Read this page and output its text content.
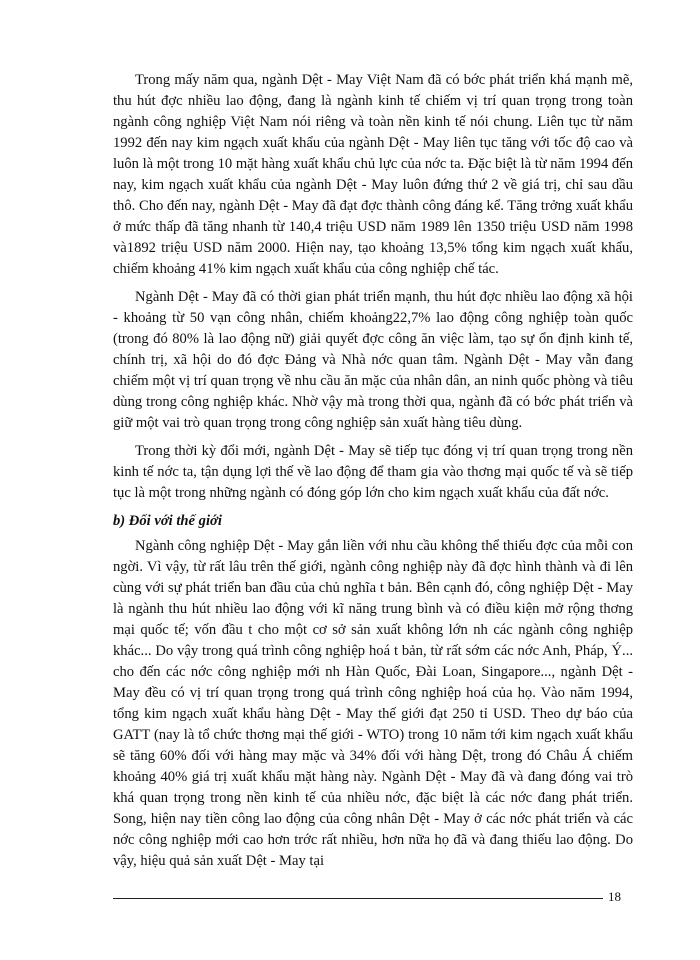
Trong mấy năm qua, ngành Dệt - May Việt Nam đã có bớc phát triển khá mạnh mẽ, thu hút đợc nhiều lao động, đang là ngành kinh tế chiếm vị trí quan trọng trong toàn ngành công nghiệp Việt Nam nói riêng và toàn nền kinh tế nói chung. Liên tục từ năm 1992 đến nay kim ngạch xuất khẩu của ngành Dệt - May liên tục tăng với tốc độ cao và luôn là một trong 10 mặt hàng xuất khẩu chủ lực của nớc ta. Đặc biệt là từ năm 1994 đến nay, kim ngạch xuất khẩu của ngành Dệt - May luôn đứng thứ 2 về giá trị, chỉ sau dầu thô. Cho đến nay, ngành Dệt - May đã đạt đợc thành công đáng kể. Tăng trởng xuất khẩu ở mức thấp đã tăng nhanh từ 140,4 triệu USD năm 1989 lên 1350 triệu USD năm 1998 và1892 triệu USD năm 2000. Hiện nay, tạo khoảng 13,5% tổng kim ngạch xuất khẩu, chiếm khoảng 41% kim ngạch xuất khẩu của công nghiệp chế tác.

Ngành Dệt - May đã có thời gian phát triển mạnh, thu hút đợc nhiều lao động xã hội - khoảng từ 50 vạn công nhân, chiếm khoảng22,7% lao động công nghiệp toàn quốc (trong đó 80% là lao động nữ) giải quyết đợc công ăn việc làm, tạo sự ổn định kinh tế, chính trị, xã hội do đó đợc Đảng và Nhà nớc quan tâm. Ngành Dệt - May vẫn đang chiếm một vị trí quan trọng về nhu cầu ăn mặc của nhân dân, an ninh quốc phòng và tiêu dùng trong công nghiệp khác. Nhờ vậy mà trong thời qua, ngành đã có bớc phát triển và giữ một vai trò quan trọng trong công nghiệp sản xuất hàng tiêu dùng.

Trong thời kỳ đổi mới, ngành Dệt - May sẽ tiếp tục đóng vị trí quan trọng trong nền kinh tế nớc ta, tận dụng lợi thế về lao động để tham gia vào thơng mại quốc tế và sẽ tiếp tục là một trong những ngành có đóng góp lớn cho kim ngạch xuất khẩu của đất nớc.

b) Đối với thế giới

Ngành công nghiệp Dệt - May gắn liền với nhu cầu không thể thiếu đợc của mỗi con ngời. Vì vậy, từ rất lâu trên thế giới, ngành công nghiệp này đã đợc hình thành và đi lên cùng với sự phát triển ban đầu của chủ nghĩa t bản. Bên cạnh đó, công nghiệp Dệt - May là ngành thu hút nhiều lao động với kĩ năng trung bình và có điều kiện mở rộng thơng mại quốc tế; vốn đầu t cho một cơ sở sản xuất không lớn nh các ngành công nghiệp khác... Do vậy trong quá trình công nghiệp hoá t bản, từ rất sớm các nớc Anh, Pháp, Ý... cho đến các nớc công nghiệp mới nh Hàn Quốc, Đài Loan, Singapore..., ngành Dệt - May đều có vị trí quan trọng trong quá trình công nghiệp hoá của họ. Vào năm 1994, tổng kim ngạch xuất khẩu hàng Dệt - May thế giới đạt 250 tỉ USD. Theo dự báo của GATT (nay là tổ chức thơng mại thế giới - WTO) trong 10 năm tới kim ngạch xuất khẩu sẽ tăng 60% đối với hàng may mặc và 34% đối với hàng Dệt, trong đó Châu Á chiếm khoảng 40% giá trị xuất khẩu mặt hàng này. Ngành Dệt - May đã và đang đóng vai trò khá quan trọng trong nền kinh tế của nhiều nớc, đặc biệt là các nớc đang phát triển. Song, hiện nay tiền công lao động của công nhân Dệt - May ở các nớc phát triển và các nớc công nghiệp mới cao hơn trớc rất nhiều, hơn nữa họ đã và đang thiếu lao động. Do vậy, hiệu quả sản xuất Dệt - May tại

18
